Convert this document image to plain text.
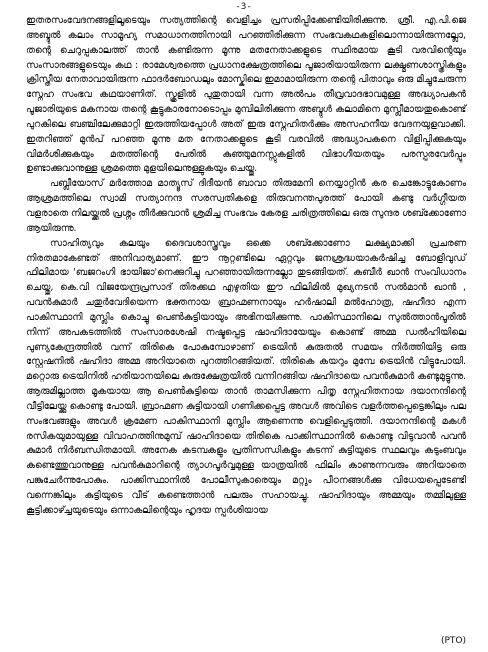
-3-

ഇതരസംവേദനങ്ങളിലൂടെയും സത്യത്തിന്റെ വെളിച്ചം പ്രസരിപ്പിക്കേണ്ടിയിരിക്കുന്നു. ശ്രീ. എ.പി.ജെ അബ്ദുൽ കലാം സാമൂഹ്യ സമാധാനത്തിനായി പറഞ്ഞിരിക്കുന്ന സംഭവകഥകളിലൊന്നായിരുന്നല്ലോ, തന്റെ ചെറുപ്പകാലത്ത് താൻ കണ്ടിരുന്ന മൂന്നു മതനേതാക്കളുടെ സ്ഥിരമായ കൂടി വരവിന്റെയും സംസാരങ്ങളുടെയും കഥ : രാമേശ്വരത്തെ പ്രധാനക്ഷേത്രത്തിലെ പൂജാരിയായിരുന്ന ലക്ഷ്മണശാസ്ത്രികളും ക്രിസ്തീയ നേതാവായിരുന്ന ഫാദർബോഡലും മോസ്കിലെ ഇമാമായിരുന്ന തന്റെ പിതാവും ഒരു മിച്ചുചേരുന്ന സ്നേഹ സംഭവ കഥയാണിത്. സ്കൂളിൽ പുതുതായി വന്ന അൽപം തീവ്രവാദഭാവമുള്ള അദ്ധ്യാപകൻ പൂജാരിയുടെ മകനായ തന്റെ കൂട്ടുകാരനോടൊപ്പം മുമ്പിലിരിക്കുന്ന അബ്ദുൾ കലാമിനെ മുസ്ലീമായതുകൊണ്ട് പുറകിലെ ബഞ്ചിലേക്കുമാറ്റി ഇരുത്തിയപ്പോൾ അത് ഇരു സ്നേഹിതർക്കും അസഹനീയ വേദനയുളവാക്കി. ഇതറിഞ്ഞ് മുൻപ് പറഞ്ഞ മൂന്നു മത നേതാക്കളുടെ കൂടി വരവിൽ അദ്ധ്യാപകനെ വിളിപ്പിക്കുകയും വിമർശിക്കുകയും മതത്തിന്റെ പേരിൽ കുഞ്ഞുമനസ്സുകളിൽ വിഭാഗീയതയും പരസ്പരവേർപ്പും ഉണ്ടാക്കുവാനുള്ള ശ്രമത്തെ മുളയിലെനുള്ളുകയും ചെയ്തു.

പബ്ലീയോസ് മർത്തോമ മാത്യൂസ് ദിദീയൻ ബാവാ തിരുമേനി നെയ്യാറ്റിൻ കര ചെങ്കോട്ടുകോണം ആശ്രമത്തിലെ സ്വാമി സത്യാനന്ദ സരസ്വതികളെ തിരുവനന്തപുരത്ത് പോയി കണ്ടു വർഗ്ഗീയത വളരാതെ നിലയ്ക്കൽ പ്രശ്നം തീർക്കുവാൻ ശ്രമിച്ച സംഭവം കേരള ചരിത്രത്തിലെ ഒരു സുന്ദര ശബ്ക്കോണോ ആയിരുന്നു.

സാഹിത്യവും കലയും ദൈവശാസ്ത്രവും ഒക്കെ ശബ്ക്കോണോ ലക്ഷ്യമാക്കി പ്രചരണ നിരതമാകേണ്ടത് അനിവാര്യമാണ്. ഈ നൂറ്റണ്ടിലെ ഏറ്റവും ജനശ്രദ്ധയാകർഷിച്ച ബോളിവുഡ് ഫിലിമായ 'ബജറംഗി ഭായിജാ'നെക്കുറിച്ചു പറഞ്ഞായിരുന്നല്ലോ തുടങ്ങിയത്. കബീർ ഖാൻ സംവിധാനം ചെയ്തു, കെ.വി വിജയേന്ദ്രപ്രസാദ് തിരക്കഥ എഴുതിയ ഈ ഫിലിമിൽ മുഖ്യനടൻ സൽമാൻ ഖാൻ , പവൻകുമാർ ചതുർവേദിയെന്ന ഭക്തനായ ബ്രാഹ്മണനായും ഹർഷാലി മൽഹോത്ര, ഷഹീദാ എന്ന പാകിസ്ഥാനി മുസ്ലിം കൊച്ചു പെൺകുട്ടിയായും അഭിനയിക്കുന്നു. പാകിസ്ഥാനിലെ സുൽത്താൻപൂരിൽ നിന്ന് അപകടത്തിൽ സംസാരശേഷി നഷ്ടപ്പെട്ട ഷാഹിദായേയും കൊണ്ട് അമ്മ ഡൽഹിയിലെ പുണ്യകേന്ദ്രത്തിൽ വന്ന് തിരികെ പോകുമ്പോഴാണ് ട്രെയിൻ കുരുതൽ സമയം നിർത്തിയിട്ട ഒരു സ്റ്റേഷനിൽ ഷഹിദാ അമ്മ അറിയാതെ പുറത്തിറങ്ങിയത്. തിരികെ കയറും മുമ്പേ ട്രെയിൻ വിട്ടുപോയി. മറ്റൊരു ട്രെയിനിൽ ഹരിയാനയിലെ കുരുക്ഷേത്രയിൽ വന്നിറങ്ങിയ ഷഹിദായെ പവൻകുമാർ കണ്ടുമുട്ടുന്നു. ആരുമില്ലാത്ത മൂകയായ ആ പെൺകുട്ടിയെ താൻ താമസിക്കുന്ന പിതൃ സ്നേഹിതനായ ദയാനന്ദിന്റെ വീട്ടിലേയ്ക്കു കൊണ്ടു പോയി. ബ്രാഹ്മണ കുട്ടിയായി ഗണിക്കപ്പെട്ട അവൾ അവിടെ വളർത്തപ്പെട്ടെങ്കിലും പല സംഭവങ്ങളും അവൾ ക്രമേണ പാകിസ്ഥാനി മുസ്ലിം ആണെന്നു വെളിപ്പെടുത്തി. ദയാനന്ദിന്റെ മകൾ രസികയുമായുള്ള വിവാഹത്തിനുമുമ്പ് ഷാഹിദായെ തിരികെ പാക്കിസ്ഥാനിൽ കൊണ്ടു വിടുവാൻ പവൻ കുമാർ നിർബന്ധിതമായി. അനേക കടമ്പകളും പ്രതിസന്ധികളും കടന്ന് കുട്ടിയുടെ സ്ഥലവും കടുംബവും കണ്ടെത്തുവാനുള്ള പവൻകുമാറിന്റെ ത്യാഗപൂർവ്വമുള്ള യാത്രയിൽ ഫിലിം കാണുന്നവരും അറിയാതെ പങ്കുചേർന്നുപോകും. പാക്കിസ്ഥാനിൽ പോലീസുകാരെയും മറ്റും പീഠനങ്ങൾക്കു വിധേയപ്പെടേണ്ടി വന്നെങ്കിലും കുട്ടിയുടെ വീട് കണ്ടെത്താൻ പലരും സഹായച്ചു. ഷാഹിദായും അമ്മയും തമ്മിലുള്ള കൂട്ടിക്കാഴ്ച്ചയുടെയും ഒന്നാകലിന്റെയും ഹൃദയ സ്പർശിയായ

(PTO)
